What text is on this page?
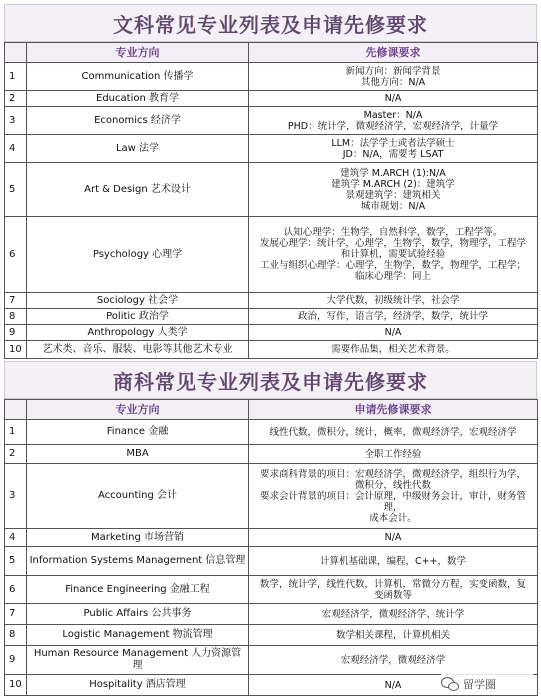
文科常见专业列表及申请先修要求
	专业方向	先修课要求
1	Communication 传播学	新闻方向：新闻学背景
其他方向：N/A

2	Education 教育学	N/A

3	Economics 经济学	Master：N/A
PHD：统计学，微观经济学，宏观经济学，计量学

4	Law 法学	LLM：法学学士或者法学硕士
JD：N/A，需要考 LSAT

5	Art & Design 艺术设计	建筑学 M.ARCH (1):N/A
建筑学 M.ARCH (2)：建筑学
景观建筑学：建筑相关
城市规划：N/A

6	Psychology 心理学	认知心理学：生物学，自然科学，数学，工程学等。
发展心理学：统计学，心理学，生物学，数学，物理学，工程学
和计算机，需要试验经验
工业与组织心理学：心理学，生物学，数学，物理学，工程学；
临床心理学：同上

7	Sociology 社会学	大学代数，初级统计学，社会学

8	Politic 政治学	政治，写作，语言学，经济学，数学，统计学

9	Anthropology 人类学	N/A

10	艺术类、音乐、服装、电影等其他艺术专业	需要作品集，相关艺术背景。
商科常见专业列表及申请先修要求
	专业方向	申请先修课要求
1	Finance 金融	线性代数，微积分，统计，概率，微观经济学，宏观经济学

2	MBA	全职工作经验

3	Accounting 会计	要求商科背景的项目：宏观经济学，微观经济学，组织行为学，
微积分，线性代数
要求会计背景的项目：会计原理，中级财务会计，审计，财务管理，
成本会计。

4	Marketing 市场营销	N/A

5	Information Systems Management 信息管理	计算机基础课，编程，C++，数学

6	Finance Engineering 金融工程	数学，统计学，线性代数，计算机，常微分方程，实变函数，复
变函数等

7	Public Affairs 公共事务	宏观经济学，微观经济学、统计学

8	Logistic Management 物流管理	数学相关课程，计算机相关

9	Human Resource Management 人力资源管理	宏观经济学，微观经济学

10	Hospitality 酒店管理	N/A	留学圈
